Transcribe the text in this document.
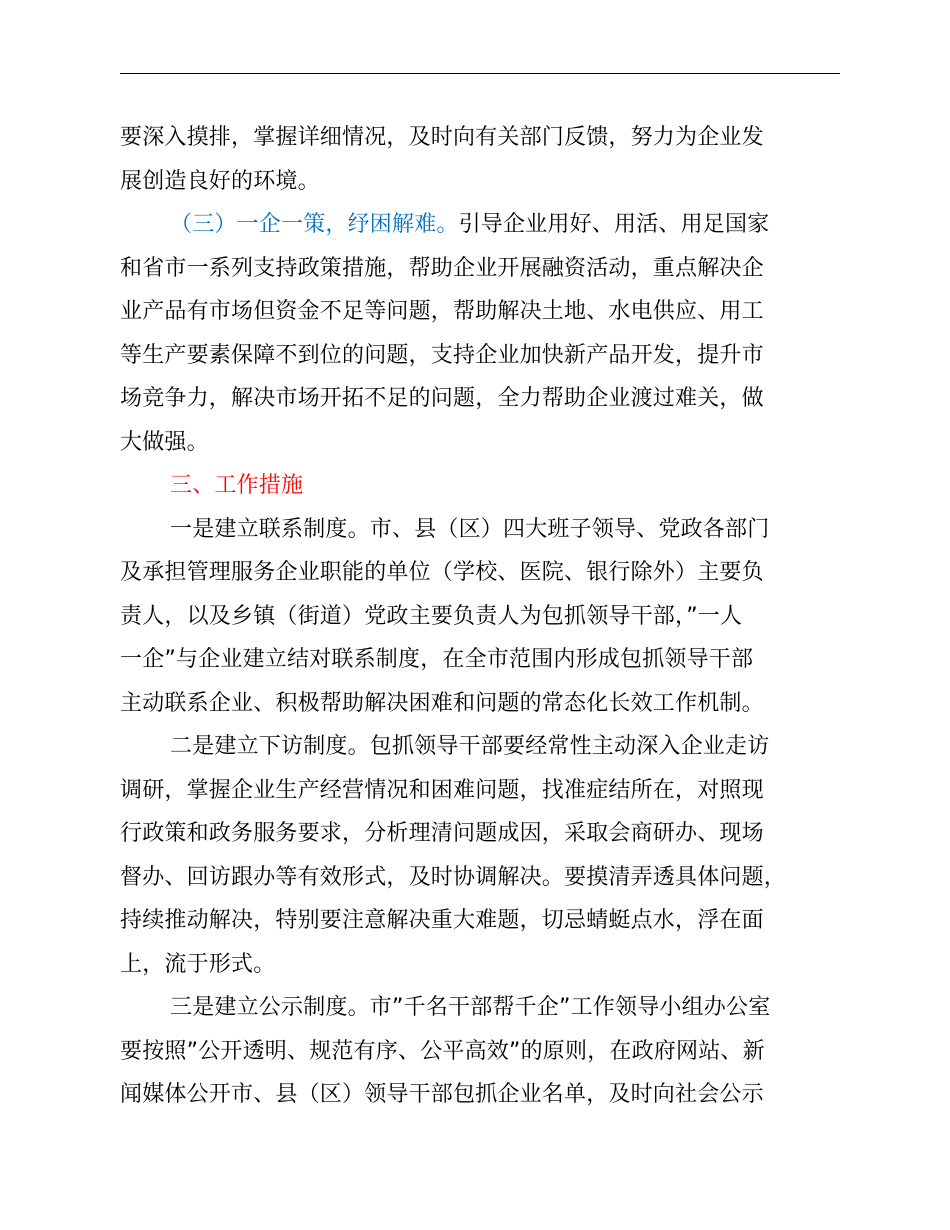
要深入摸排，掌握详细情况，及时向有关部门反馈，努力为企业发
展创造良好的环境。
（三）一企一策，纾困解难。引导企业用好、用活、用足国家
和省市一系列支持政策措施，帮助企业开展融资活动，重点解决企
业产品有市场但资金不足等问题，帮助解决土地、水电供应、用工
等生产要素保障不到位的问题，支持企业加快新产品开发，提升市
场竞争力，解决市场开拓不足的问题，全力帮助企业渡过难关，做
大做强。
三、工作措施
一是建立联系制度。市、县（区）四大班子领导、党政各部门
及承担管理服务企业职能的单位（学校、医院、银行除外）主要负
责人，以及乡镇（街道）党政主要负责人为包抓领导干部，”一人
一企”与企业建立结对联系制度，在全市范围内形成包抓领导干部
主动联系企业、积极帮助解决困难和问题的常态化长效工作机制。
二是建立下访制度。包抓领导干部要经常性主动深入企业走访
调研，掌握企业生产经营情况和困难问题，找准症结所在，对照现
行政策和政务服务要求，分析理清问题成因，采取会商研办、现场
督办、回访跟办等有效形式，及时协调解决。要摸清弄透具体问题，
持续推动解决，特别要注意解决重大难题，切忌蜻蜓点水，浮在面
上，流于形式。
三是建立公示制度。市”千名干部帮千企”工作领导小组办公室
要按照”公开透明、规范有序、公平高效”的原则，在政府网站、新
闻媒体公开市、县（区）领导干部包抓企业名单，及时向社会公示
